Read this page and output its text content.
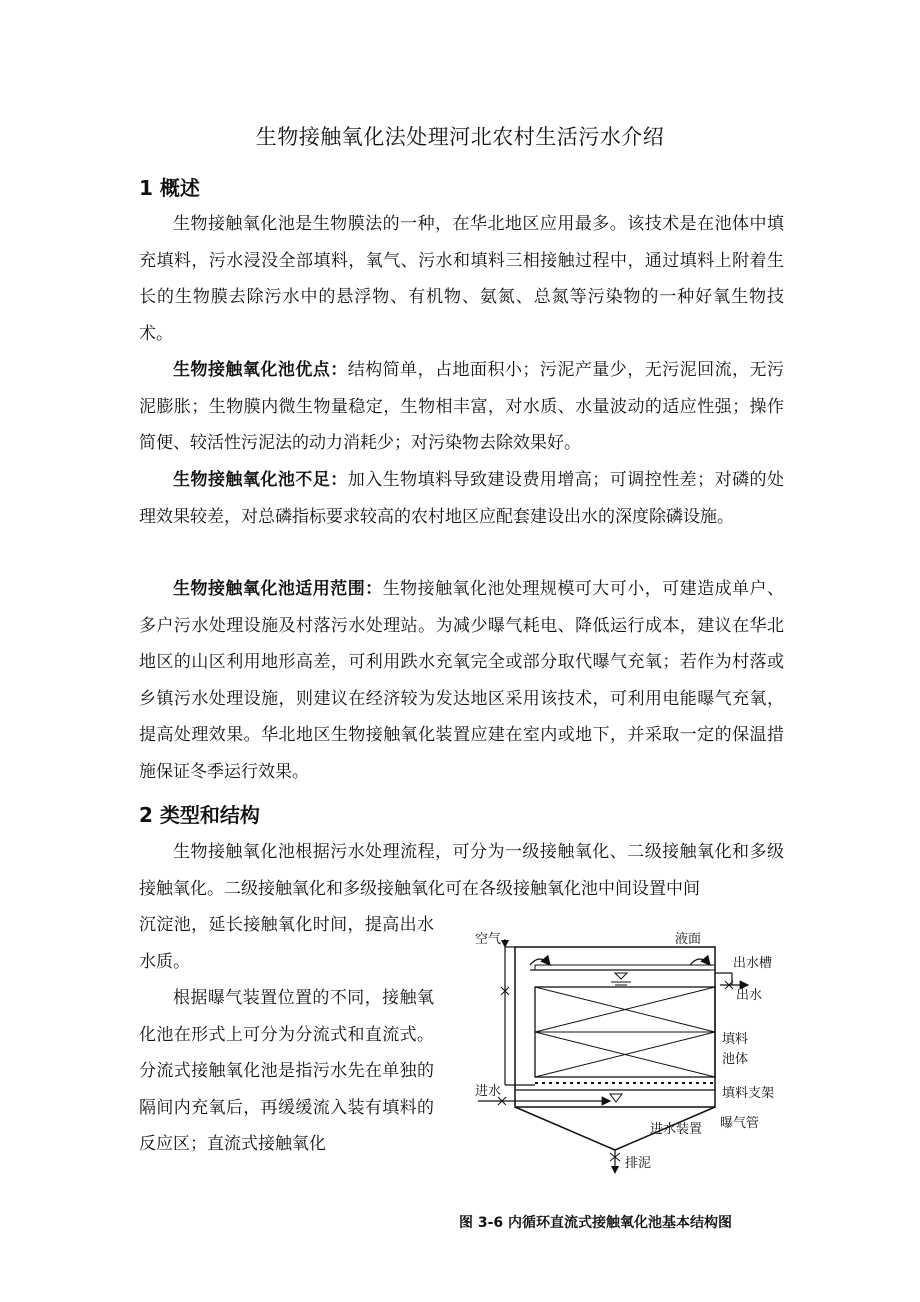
生物接触氧化法处理河北农村生活污水介绍
1 概述
生物接触氧化池是生物膜法的一种，在华北地区应用最多。该技术是在池体中填充填料，污水浸没全部填料，氧气、污水和填料三相接触过程中，通过填料上附着生长的生物膜去除污水中的悬浮物、有机物、氨氮、总氮等污染物的一种好氧生物技术。
生物接触氧化池优点：结构简单，占地面积小；污泥产量少，无污泥回流，无污泥膨胀；生物膜内微生物量稳定，生物相丰富，对水质、水量波动的适应性强；操作简便、较活性污泥法的动力消耗少；对污染物去除效果好。
生物接触氧化池不足：加入生物填料导致建设费用增高；可调控性差；对磷的处理效果较差，对总磷指标要求较高的农村地区应配套建设出水的深度除磷设施。
生物接触氧化池适用范围：生物接触氧化池处理规模可大可小，可建造成单户、多户污水处理设施及村落污水处理站。为减少曝气耗电、降低运行成本，建议在华北地区的山区利用地形高差，可利用跌水充氧完全或部分取代曝气充氧；若作为村落或乡镇污水处理设施，则建议在经济较为发达地区采用该技术，可利用电能曝气充氧，提高处理效果。华北地区生物接触氧化装置应建在室内或地下，并采取一定的保温措施保证冬季运行效果。
2 类型和结构
生物接触氧化池根据污水处理流程，可分为一级接触氧化、二级接触氧化和多级接触氧化。二级接触氧化和多级接触氧化可在各级接触氧化池中间设置中间
沉淀池，延长接触氧化时间，提高出水水质。
根据曝气装置位置的不同，接触氧化池在形式上可分为分流式和直流式。分流式接触氧化池是指污水先在单独的隔间内充氧后，再缓缓流入装有填料的反应区；直流式接触氧化
空气	液面
出水槽
出水
填料
池体
填料支架
进水
曝气管
进水装置
排泥
图 3-6 内循环直流式接触氧化池基本结构图
